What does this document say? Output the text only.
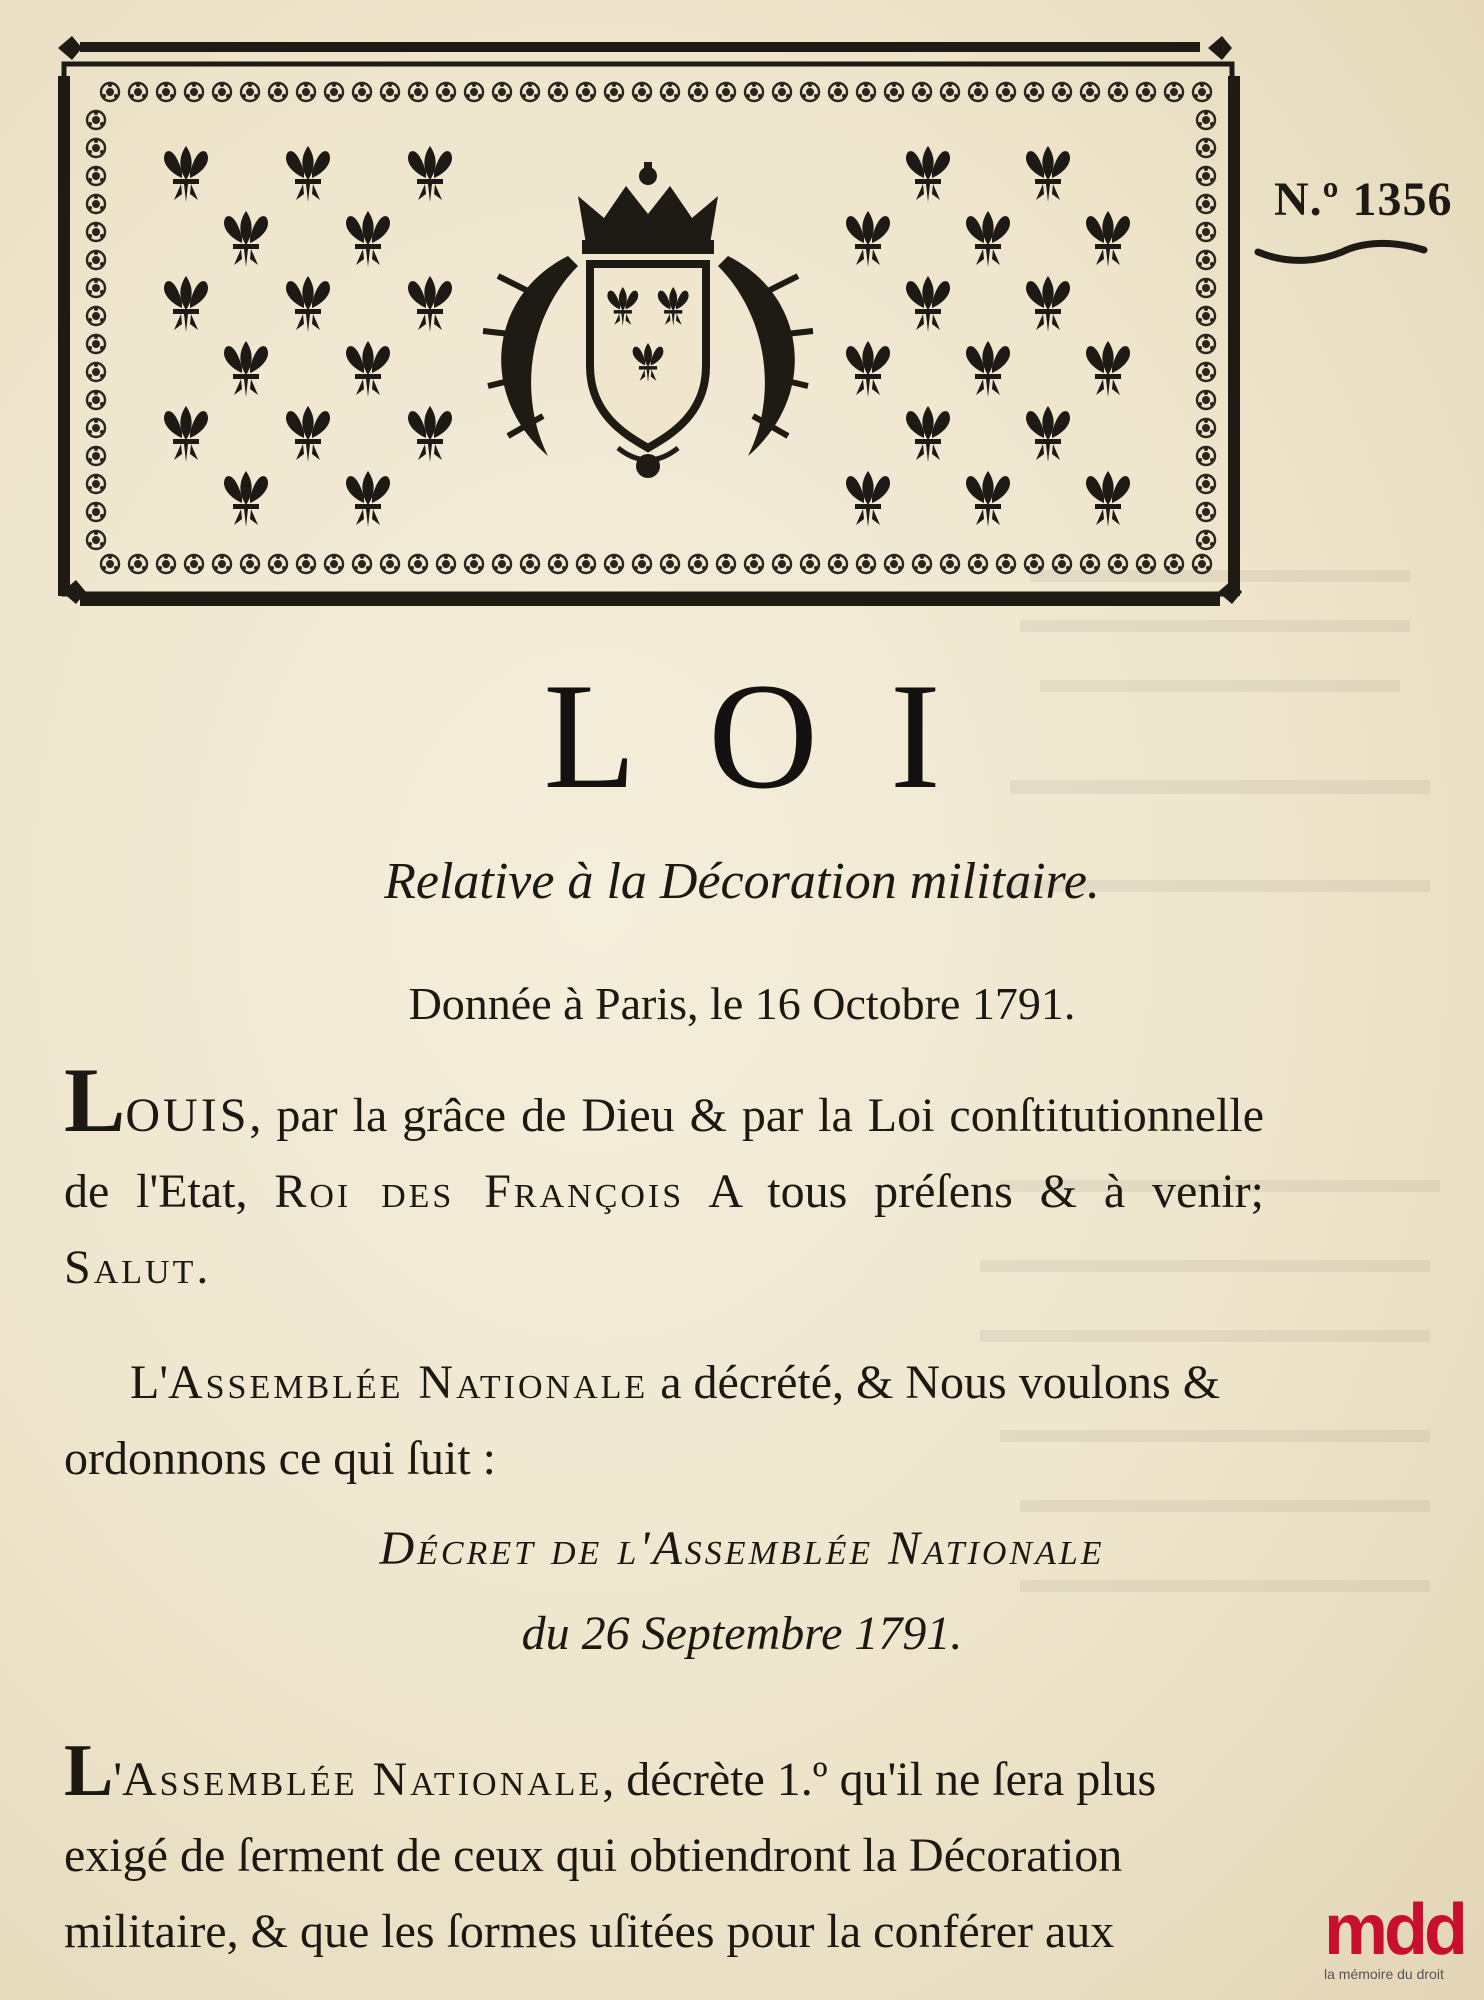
N.º 1356
LOI
Relative à la Décoration militaire.
Donnée à Paris, le 16 Octobre 1791.
LOUIS, par la grâce de Dieu & par la Loi conſtitutionnelle de l'Etat, Roi des François A tous préſens & à venir; Salut.
L'Assemblée Nationale a décrété, & Nous voulons & ordonnons ce qui ſuit :
Décret de l'Assemblée Nationale
du 26 Septembre 1791.
L'Assemblée Nationale, décrète 1.º qu'il ne ſera plus exigé de ſerment de ceux qui obtiendront la Décoration militaire, & que les ſormes uſitées pour la conférer aux	mdd
la mémoire du droit
